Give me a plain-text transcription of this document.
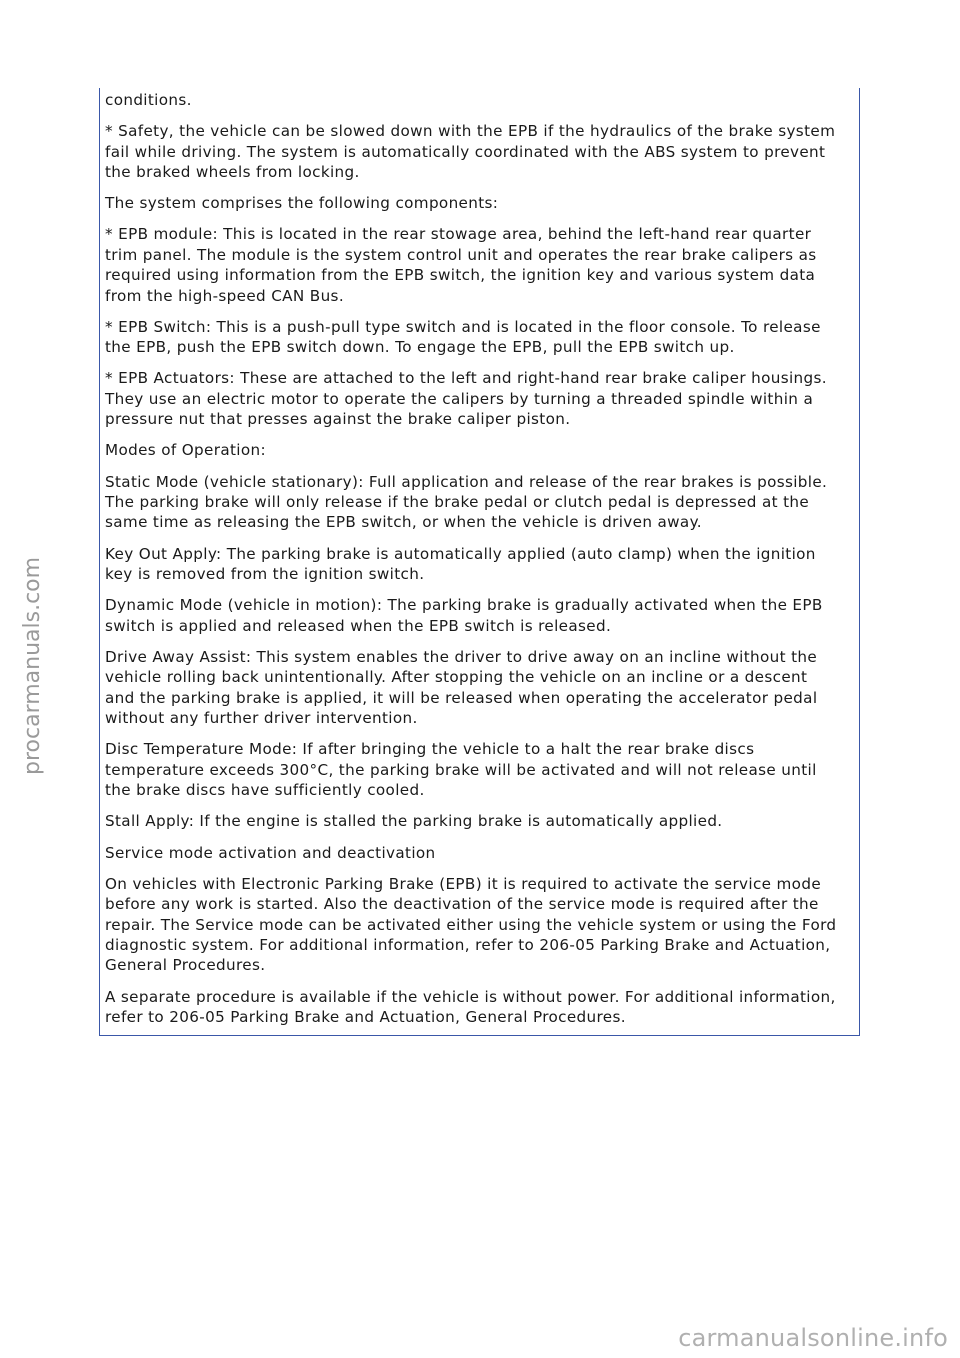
conditions.

* Safety, the vehicle can be slowed down with the EPB if the hydraulics of the brake system
fail while driving. The system is automatically coordinated with the ABS system to prevent
the braked wheels from locking.

The system comprises the following components:

* EPB module: This is located in the rear stowage area, behind the left-hand rear quarter
trim panel. The module is the system control unit and operates the rear brake calipers as
required using information from the EPB switch, the ignition key and various system data
from the high-speed CAN Bus.

* EPB Switch: This is a push-pull type switch and is located in the floor console. To release
the EPB, push the EPB switch down. To engage the EPB, pull the EPB switch up.

* EPB Actuators: These are attached to the left and right-hand rear brake caliper housings.
They use an electric motor to operate the calipers by turning a threaded spindle within a
pressure nut that presses against the brake caliper piston.

Modes of Operation:

Static Mode (vehicle stationary): Full application and release of the rear brakes is possible.
The parking brake will only release if the brake pedal or clutch pedal is depressed at the
same time as releasing the EPB switch, or when the vehicle is driven away.

Key Out Apply: The parking brake is automatically applied (auto clamp) when the ignition
key is removed from the ignition switch.

Dynamic Mode (vehicle in motion): The parking brake is gradually activated when the EPB
switch is applied and released when the EPB switch is released.

Drive Away Assist: This system enables the driver to drive away on an incline without the
vehicle rolling back unintentionally. After stopping the vehicle on an incline or a descent
and the parking brake is applied, it will be released when operating the accelerator pedal
without any further driver intervention.

Disc Temperature Mode: If after bringing the vehicle to a halt the rear brake discs
temperature exceeds 300°C, the parking brake will be activated and will not release until
the brake discs have sufficiently cooled.

Stall Apply: If the engine is stalled the parking brake is automatically applied.

Service mode activation and deactivation

On vehicles with Electronic Parking Brake (EPB) it is required to activate the service mode
before any work is started. Also the deactivation of the service mode is required after the
repair. The Service mode can be activated either using the vehicle system or using the Ford
diagnostic system. For additional information, refer to 206-05 Parking Brake and Actuation,
General Procedures.

A separate procedure is available if the vehicle is without power. For additional information,
refer to 206-05 Parking Brake and Actuation, General Procedures.

procarmanuals.com
carmanualsonline.info
